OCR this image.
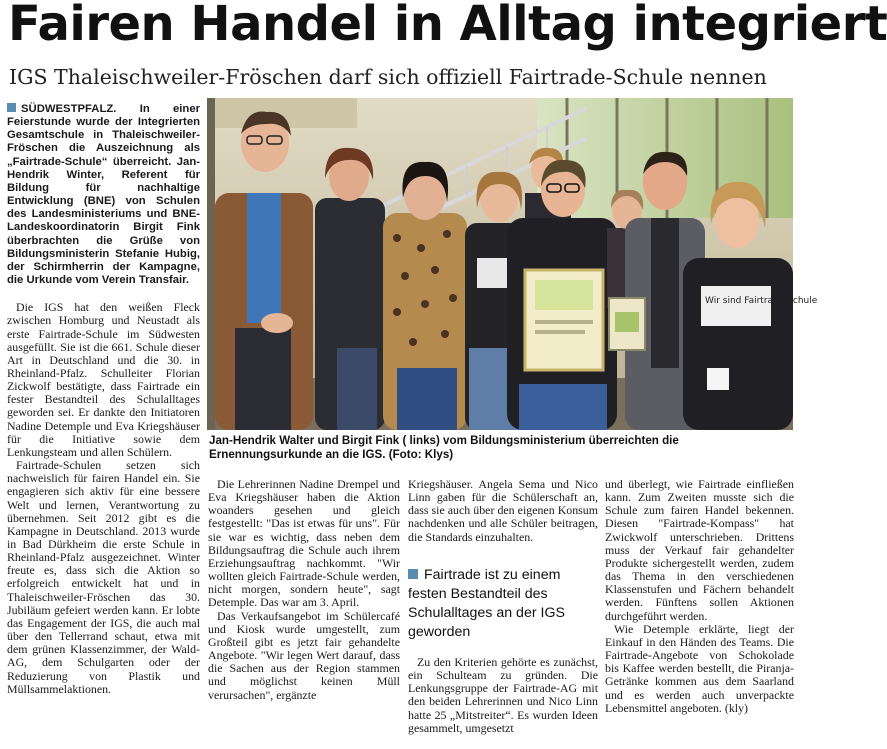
Fairen Handel in Alltag integriert
IGS Thaleischweiler-Fröschen darf sich offiziell Fairtrade-Schule nennen

SÜDWESTPFALZ. In einer Feierstunde wurde der Integrierten Gesamtschule in Thaleischweiler-Fröschen die Auszeichnung als „Fairtrade-Schule“ überreicht. Jan-Hendrik Winter, Referent für Bildung für nachhaltige Entwicklung (BNE) von Schulen des Landesministeriums und BNE-Landeskoordinatorin Birgit Fink überbrachten die Grüße von Bildungsministerin Stefanie Hubig, der Schirmherrin der Kampagne, die Urkunde vom Verein Transfair.

Die IGS hat den weißen Fleck zwischen Homburg und Neustadt als erste Fairtrade-Schule im Südwesten ausgefüllt. Sie ist die 661. Schule dieser Art in Deutschland und die 30. in Rheinland-Pfalz. Schulleiter Florian Zickwolf bestätigte, dass Fairtrade ein fester Bestandteil des Schulalltages geworden sei. Er dankte den Initiatoren Nadine Detemple und Eva Kriegshäuser für die Initiative sowie dem Lenkungsteam und allen Schülern.

Fairtrade-Schulen setzen sich nachweislich für fairen Handel ein. Sie engagieren sich aktiv für eine bessere Welt und lernen, Verantwortung zu übernehmen. Seit 2012 gibt es die Kampagne in Deutschland. 2013 wurde in Bad Dürkheim die erste Schule in Rheinland-Pfalz ausgezeichnet. Winter freute es, dass sich die Aktion so erfolgreich entwickelt hat und in Thaleischweiler-Fröschen das 30. Jubiläum gefeiert werden kann. Er lobte das Engagement der IGS, die auch mal über den Tellerrand schaut, etwa mit dem grünen Klassenzimmer, der Wald-AG, dem Schulgarten oder der Reduzierung von Plastik und Müllsammelaktionen.

Wir sind Fairtrade Schule
Jan-Hendrik Walter und Birgit Fink ( links) vom Bildungsministerium überreichten die Ernennungsurkunde an die IGS. (Foto: Klys)

Die Lehrerinnen Nadine Drempel und Eva Kriegshäuser haben die Aktion woanders gesehen und gleich festgestellt: "Das ist etwas für uns". Für sie war es wichtig, dass neben dem Bildungsauftrag die Schule auch ihrem Erziehungsauftrag nachkommt. "Wir wollten gleich Fairtrade-Schule werden, nicht morgen, sondern heute", sagt Detemple. Das war am 3. April.

Das Verkaufsangebot im Schülercafé und Kiosk wurde umgestellt, zum Großteil gibt es jetzt fair gehandelte Angebote. "Wir legen Wert darauf, dass die Sachen aus der Region stammen und möglichst keinen Müll verursachen", ergänzte

Kriegshäuser. Angela Sema und Nico Linn gaben für die Schülerschaft an, dass sie auch über den eigenen Konsum nachdenken und alle Schüler beitragen, die Standards einzuhalten.

Fairtrade ist zu einem festen Bestandteil des Schulalltages an der IGS geworden

Zu den Kriterien gehörte es zunächst, ein Schulteam zu gründen. Die Lenkungsgruppe der Fairtrade-AG mit den beiden Lehrerinnen und Nico Linn hatte 25 „Mitstreiter“. Es wurden Ideen gesammelt, umgesetzt

und überlegt, wie Fairtrade einfließen kann. Zum Zweiten musste sich die Schule zum fairen Handel bekennen. Diesen "Fairtrade-Kompass" hat Zwickwolf unterschrieben. Drittens muss der Verkauf fair gehandelter Produkte sichergestellt werden, zudem das Thema in den verschiedenen Klassenstufen und Fächern behandelt werden. Fünftens sollen Aktionen durchgeführt werden.

Wie Detemple erklärte, liegt der Einkauf in den Händen des Teams. Die Fairtrade-Angebote von Schokolade bis Kaffee werden bestellt, die Piranja-Getränke kommen aus dem Saarland und es werden auch unverpackte Lebensmittel angeboten. (kly)
